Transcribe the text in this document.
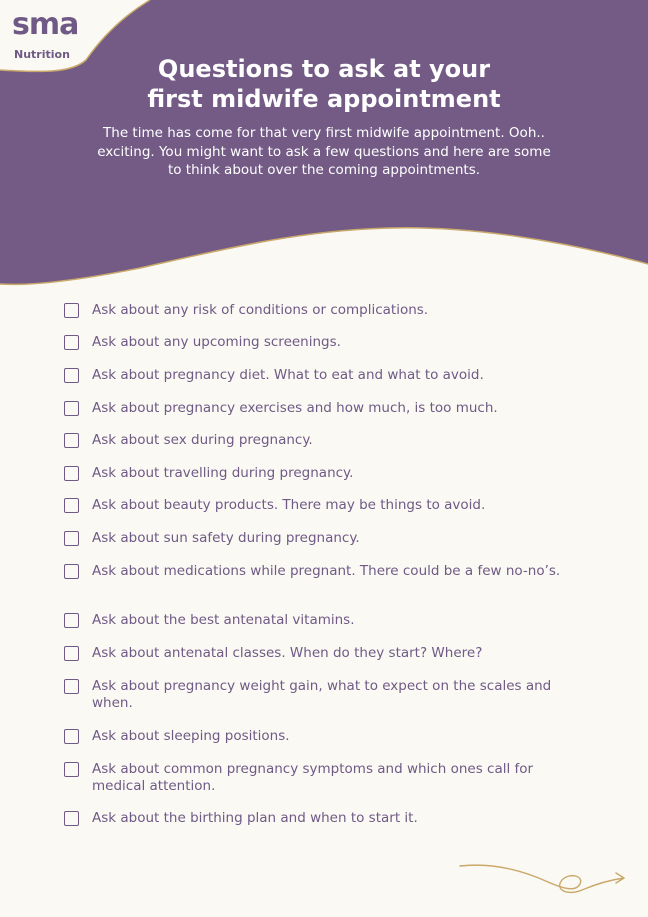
sma
Nutrition
Questions to ask at your
first midwife appointment

The time has come for that very first midwife appointment. Ooh.. exciting. You might want to ask a few questions and here are some to think about over the coming appointments.

Ask about any risk of conditions or complications.
Ask about any upcoming screenings.
Ask about pregnancy diet. What to eat and what to avoid.
Ask about pregnancy exercises and how much, is too much.
Ask about sex during pregnancy.
Ask about travelling during pregnancy.
Ask about beauty products. There may be things to avoid.
Ask about sun safety during pregnancy.
Ask about medications while pregnant. There could be a few no-no’s.
Ask about the best antenatal vitamins.
Ask about antenatal classes. When do they start? Where?
Ask about pregnancy weight gain, what to expect on the scales and when.
Ask about sleeping positions.
Ask about common pregnancy symptoms and which ones call for medical attention.
Ask about the birthing plan and when to start it.
